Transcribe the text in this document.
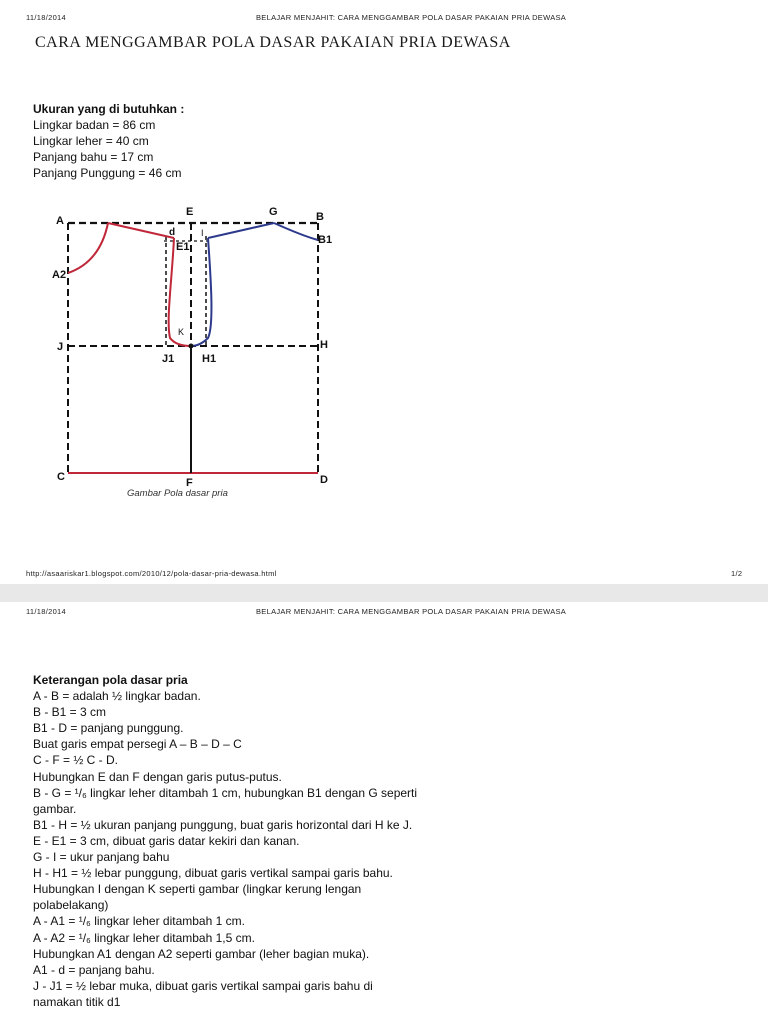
11/18/2014	BELAJAR MENJAHIT: CARA MENGGAMBAR POLA DASAR PAKAIAN PRIA DEWASA
CARA MENGGAMBAR POLA DASAR PAKAIAN PRIA DEWASA
Ukuran yang di butuhkan :
Lingkar badan = 86 cm
Lingkar leher = 40 cm
Panjang bahu = 17 cm
Panjang Punggung = 46 cm
A
E	G	B
B1
A2
d
E1
I
K
J
J1	H1
H
C	F	D
Gambar Pola dasar pria
http://asaariskar1.blogspot.com/2010/12/pola-dasar-pria-dewasa.html	1/2
11/18/2014	BELAJAR MENJAHIT: CARA MENGGAMBAR POLA DASAR PAKAIAN PRIA DEWASA
Keterangan pola dasar pria
A - B = adalah ½ lingkar badan.
B - B1 = 3 cm
B1 - D = panjang punggung.
Buat garis empat persegi A – B – D – C
C - F = ½ C - D.
Hubungkan E dan F dengan garis putus-putus.
B - G = ¹/₆ lingkar leher ditambah 1 cm, hubungkan B1 dengan G seperti gambar.
B1 - H = ½ ukuran panjang punggung, buat garis horizontal dari H ke J.
E - E1 = 3 cm, dibuat garis datar kekiri dan kanan.
G - I = ukur panjang bahu
H - H1 = ½ lebar punggung, dibuat garis vertikal sampai garis bahu.
Hubungkan I dengan K seperti gambar (lingkar kerung lengan polabelakang)
A - A1 = ¹/₆ lingkar leher ditambah 1 cm.
A - A2 = ¹/₆ lingkar leher ditambah 1,5 cm.
Hubungkan A1 dengan A2 seperti gambar (leher bagian muka).
A1 - d = panjang bahu.
J - J1 = ½ lebar muka, dibuat garis vertikal sampai garis bahu di namakan titik d1
